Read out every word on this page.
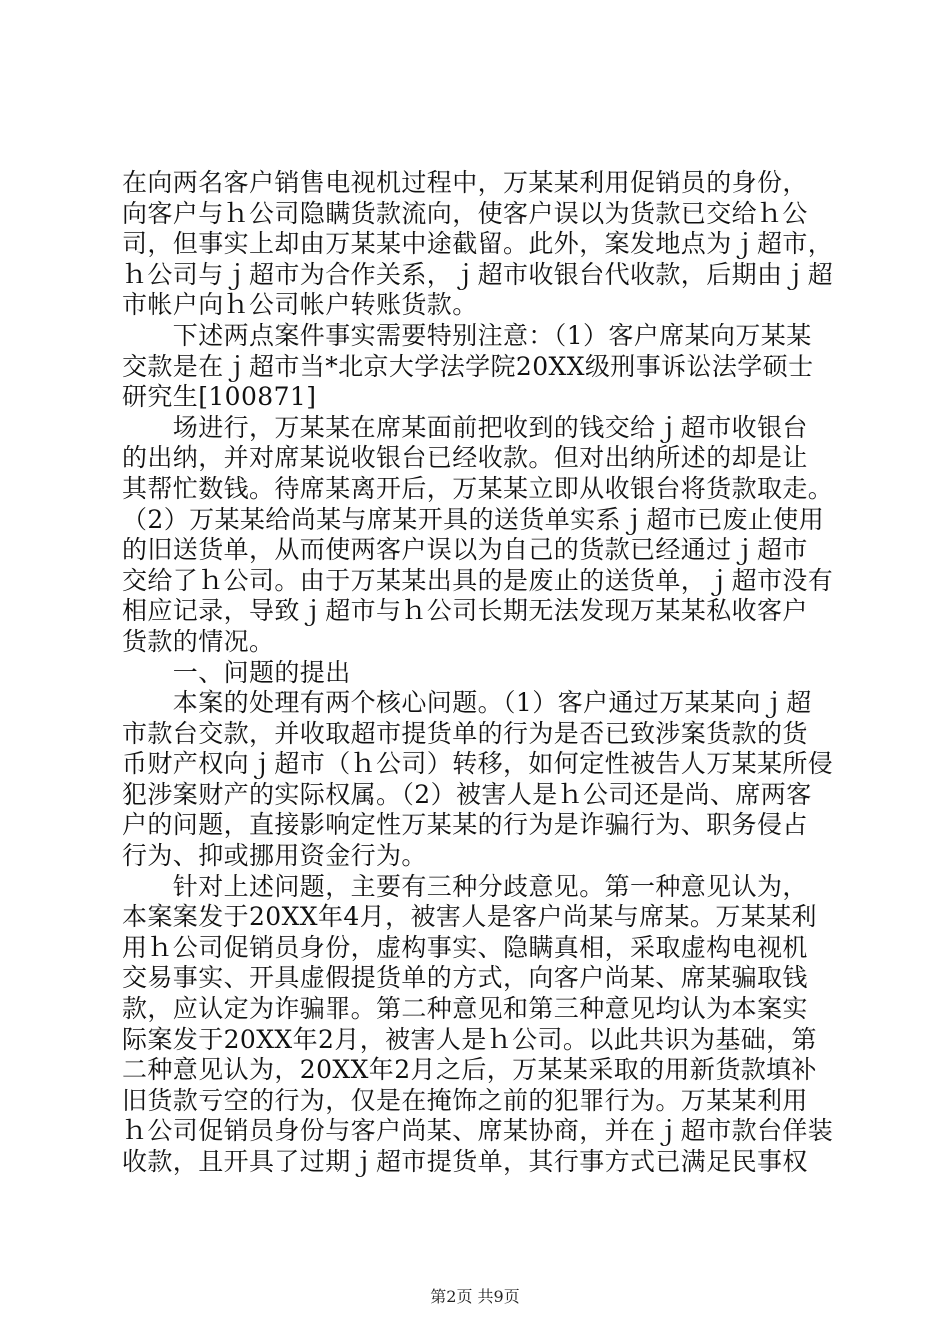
在向两名客户销售电视机过程中，万某某利用促销员的身份，
向客户与ｈ公司隐瞒货款流向，使客户误以为货款已交给ｈ公
司，但事实上却由万某某中途截留。此外，案发地点为ｊ超市，
ｈ公司与ｊ超市为合作关系，ｊ超市收银台代收款，后期由ｊ超
市帐户向ｈ公司帐户转账货款。
　　下述两点案件事实需要特别注意：（1）客户席某向万某某
交款是在ｊ超市当*北京大学法学院20XX级刑事诉讼法学硕士
研究生[100871]
　　场进行，万某某在席某面前把收到的钱交给ｊ超市收银台
的出纳，并对席某说收银台已经收款。但对出纳所述的却是让
其帮忙数钱。待席某离开后，万某某立即从收银台将货款取走。
（2）万某某给尚某与席某开具的送货单实系ｊ超市已废止使用
的旧送货单，从而使两客户误以为自己的货款已经通过ｊ超市
交给了ｈ公司。由于万某某出具的是废止的送货单，ｊ超市没有
相应记录，导致ｊ超市与ｈ公司长期无法发现万某某私收客户
货款的情况。
　　一、问题的提出
　　本案的处理有两个核心问题。（1）客户通过万某某向ｊ超
市款台交款，并收取超市提货单的行为是否已致涉案货款的货
币财产权向ｊ超市（ｈ公司）转移，如何定性被告人万某某所侵
犯涉案财产的实际权属。（2）被害人是ｈ公司还是尚、席两客
户的问题，直接影响定性万某某的行为是诈骗行为、职务侵占
行为、抑或挪用资金行为。
　　针对上述问题，主要有三种分歧意见。第一种意见认为，
本案案发于20XX年4月，被害人是客户尚某与席某。万某某利
用ｈ公司促销员身份，虚构事实、隐瞒真相，采取虚构电视机
交易事实、开具虚假提货单的方式，向客户尚某、席某骗取钱
款，应认定为诈骗罪。第二种意见和第三种意见均认为本案实
际案发于20XX年2月，被害人是ｈ公司。以此共识为基础，第
二种意见认为，20XX年2月之后，万某某采取的用新货款填补
旧货款亏空的行为，仅是在掩饰之前的犯罪行为。万某某利用
ｈ公司促销员身份与客户尚某、席某协商，并在ｊ超市款台佯装
收款，且开具了过期ｊ超市提货单，其行事方式已满足民事权
第2页 共9页
